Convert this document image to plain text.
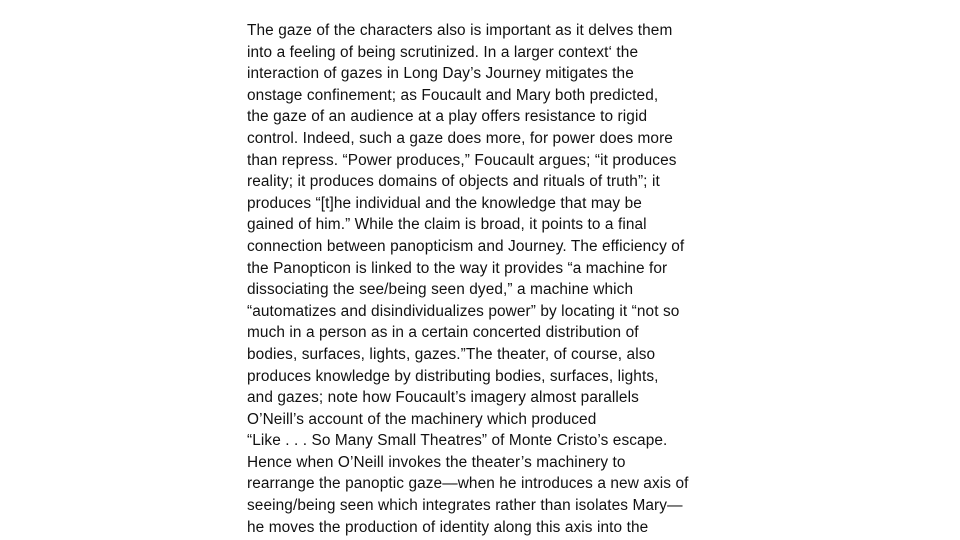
The gaze of the characters also is important as it delves them
into a feeling of being scrutinized. In a larger context‘ the
interaction of gazes in Long Day’s Journey mitigates the
onstage confinement; as Foucault and Mary both predicted,
the gaze of an audience at a play offers resistance to rigid
control. Indeed, such a gaze does more, for power does more
than repress. “Power produces,” Foucault argues; “it produces
reality; it produces domains of objects and rituals of truth”; it
produces “[t]he individual and the knowledge that may be
gained of him.” While the claim is broad, it points to a final
connection between panopticism and Journey. The efficiency of
the Panopticon is linked to the way it provides “a machine for
dissociating the see/being seen dyed,” a machine which
“automatizes and disindividualizes power” by locating it “not so
much in a person as in a certain concerted distribution of
bodies, surfaces, lights, gazes.”The theater, of course, also
produces knowledge by distributing bodies, surfaces, lights,
and gazes; note how Foucault’s imagery almost parallels
O’Neill’s account of the machinery which produced
“Like . . . So Many Small Theatres” of Monte Cristo’s escape.
Hence when O’Neill invokes the theater’s machinery to
rearrange the panoptic gaze—when he introduces a new axis of
seeing/being seen which integrates rather than isolates Mary—
he moves the production of identity along this axis into the
